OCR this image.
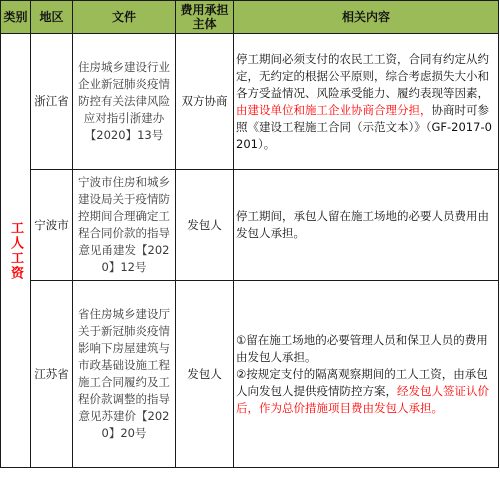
类别	地区	文件	费用承担主体	相关内容
工人工资	浙江省	住房城乡建设行业企业新冠肺炎疫情防控有关法律风险应对指引浙建办【2020】13号	双方协商	停工期间必须支付的农民工工资，合同有约定从约定，无约定的根据公平原则，综合考虑损失大小和各方受益情况、风险承受能力、履约表现等因素，由建设单位和施工企业协商合理分担，协商时可参照《建设工程施工合同（示范文本）》（GF-2017-0201）。
	宁波市	宁波市住房和城乡建设局关于疫情防控期间合理确定工程合同价款的指导意见甬建发【2020】12号	发包人	停工期间，承包人留在施工场地的必要人员费用由发包人承担。
	江苏省	省住房城乡建设厅关于新冠肺炎疫情影响下房屋建筑与市政基础设施工程施工合同履约及工程价款调整的指导意见苏建价【2020】20号	发包人	①留在施工场地的必要管理人员和保卫人员的费用由发包人承担。
②按规定支付的隔离观察期间的工人工资，由承包人向发包人提供疫情防控方案，经发包人签证认价后，作为总价措施项目费由发包人承担。
